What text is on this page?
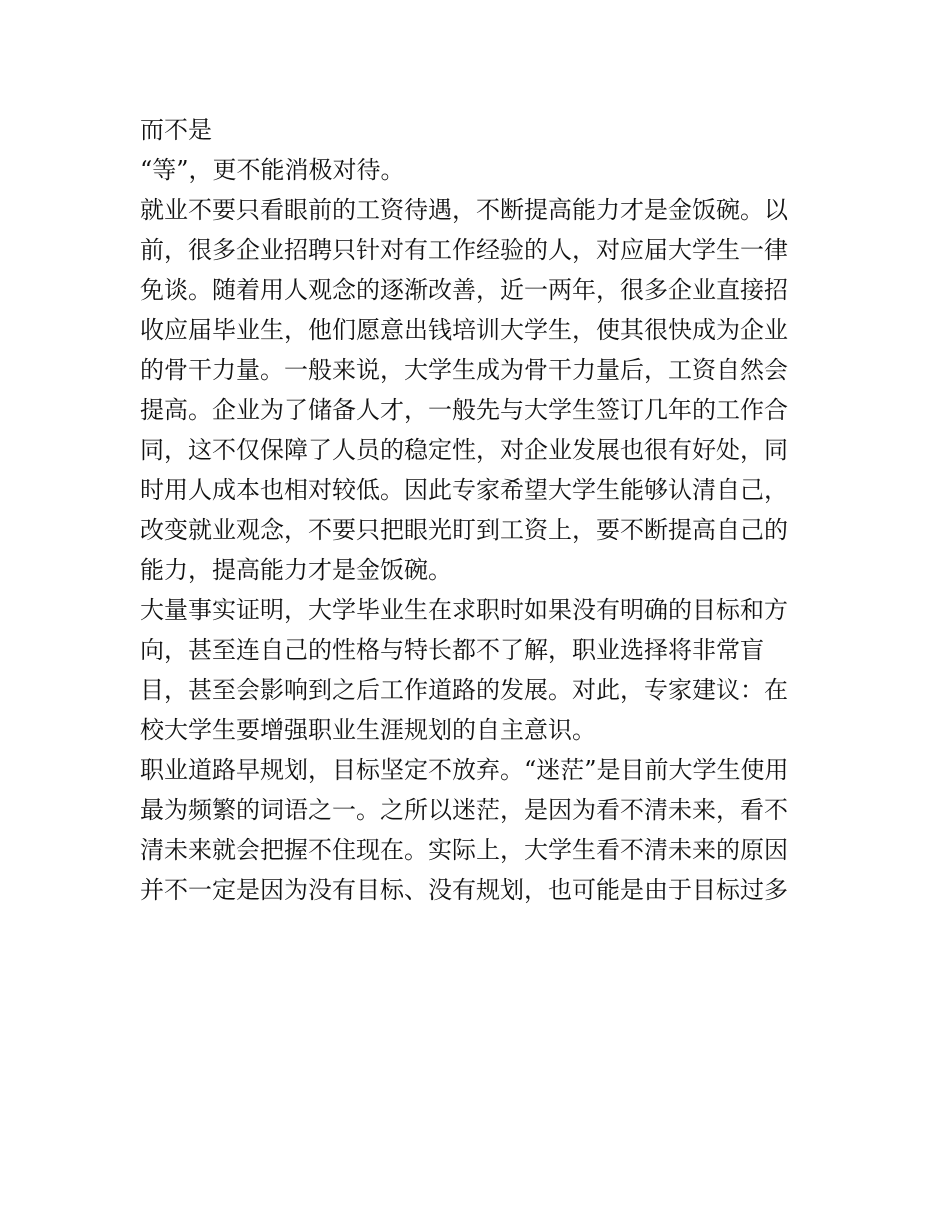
而不是
“等”，更不能消极对待。
就业不要只看眼前的工资待遇，不断提高能力才是金饭碗。以
前，很多企业招聘只针对有工作经验的人，对应届大学生一律
免谈。随着用人观念的逐渐改善，近一两年，很多企业直接招
收应届毕业生，他们愿意出钱培训大学生，使其很快成为企业
的骨干力量。一般来说，大学生成为骨干力量后，工资自然会
提高。企业为了储备人才，一般先与大学生签订几年的工作合
同，这不仅保障了人员的稳定性，对企业发展也很有好处，同
时用人成本也相对较低。因此专家希望大学生能够认清自己，
改变就业观念，不要只把眼光盯到工资上，要不断提高自己的
能力，提高能力才是金饭碗。
大量事实证明，大学毕业生在求职时如果没有明确的目标和方
向，甚至连自己的性格与特长都不了解，职业选择将非常盲
目，甚至会影响到之后工作道路的发展。对此，专家建议：在
校大学生要增强职业生涯规划的自主意识。
职业道路早规划，目标坚定不放弃。“迷茫”是目前大学生使用
最为频繁的词语之一。之所以迷茫，是因为看不清未来，看不
清未来就会把握不住现在。实际上，大学生看不清未来的原因
并不一定是因为没有目标、没有规划，也可能是由于目标过多
